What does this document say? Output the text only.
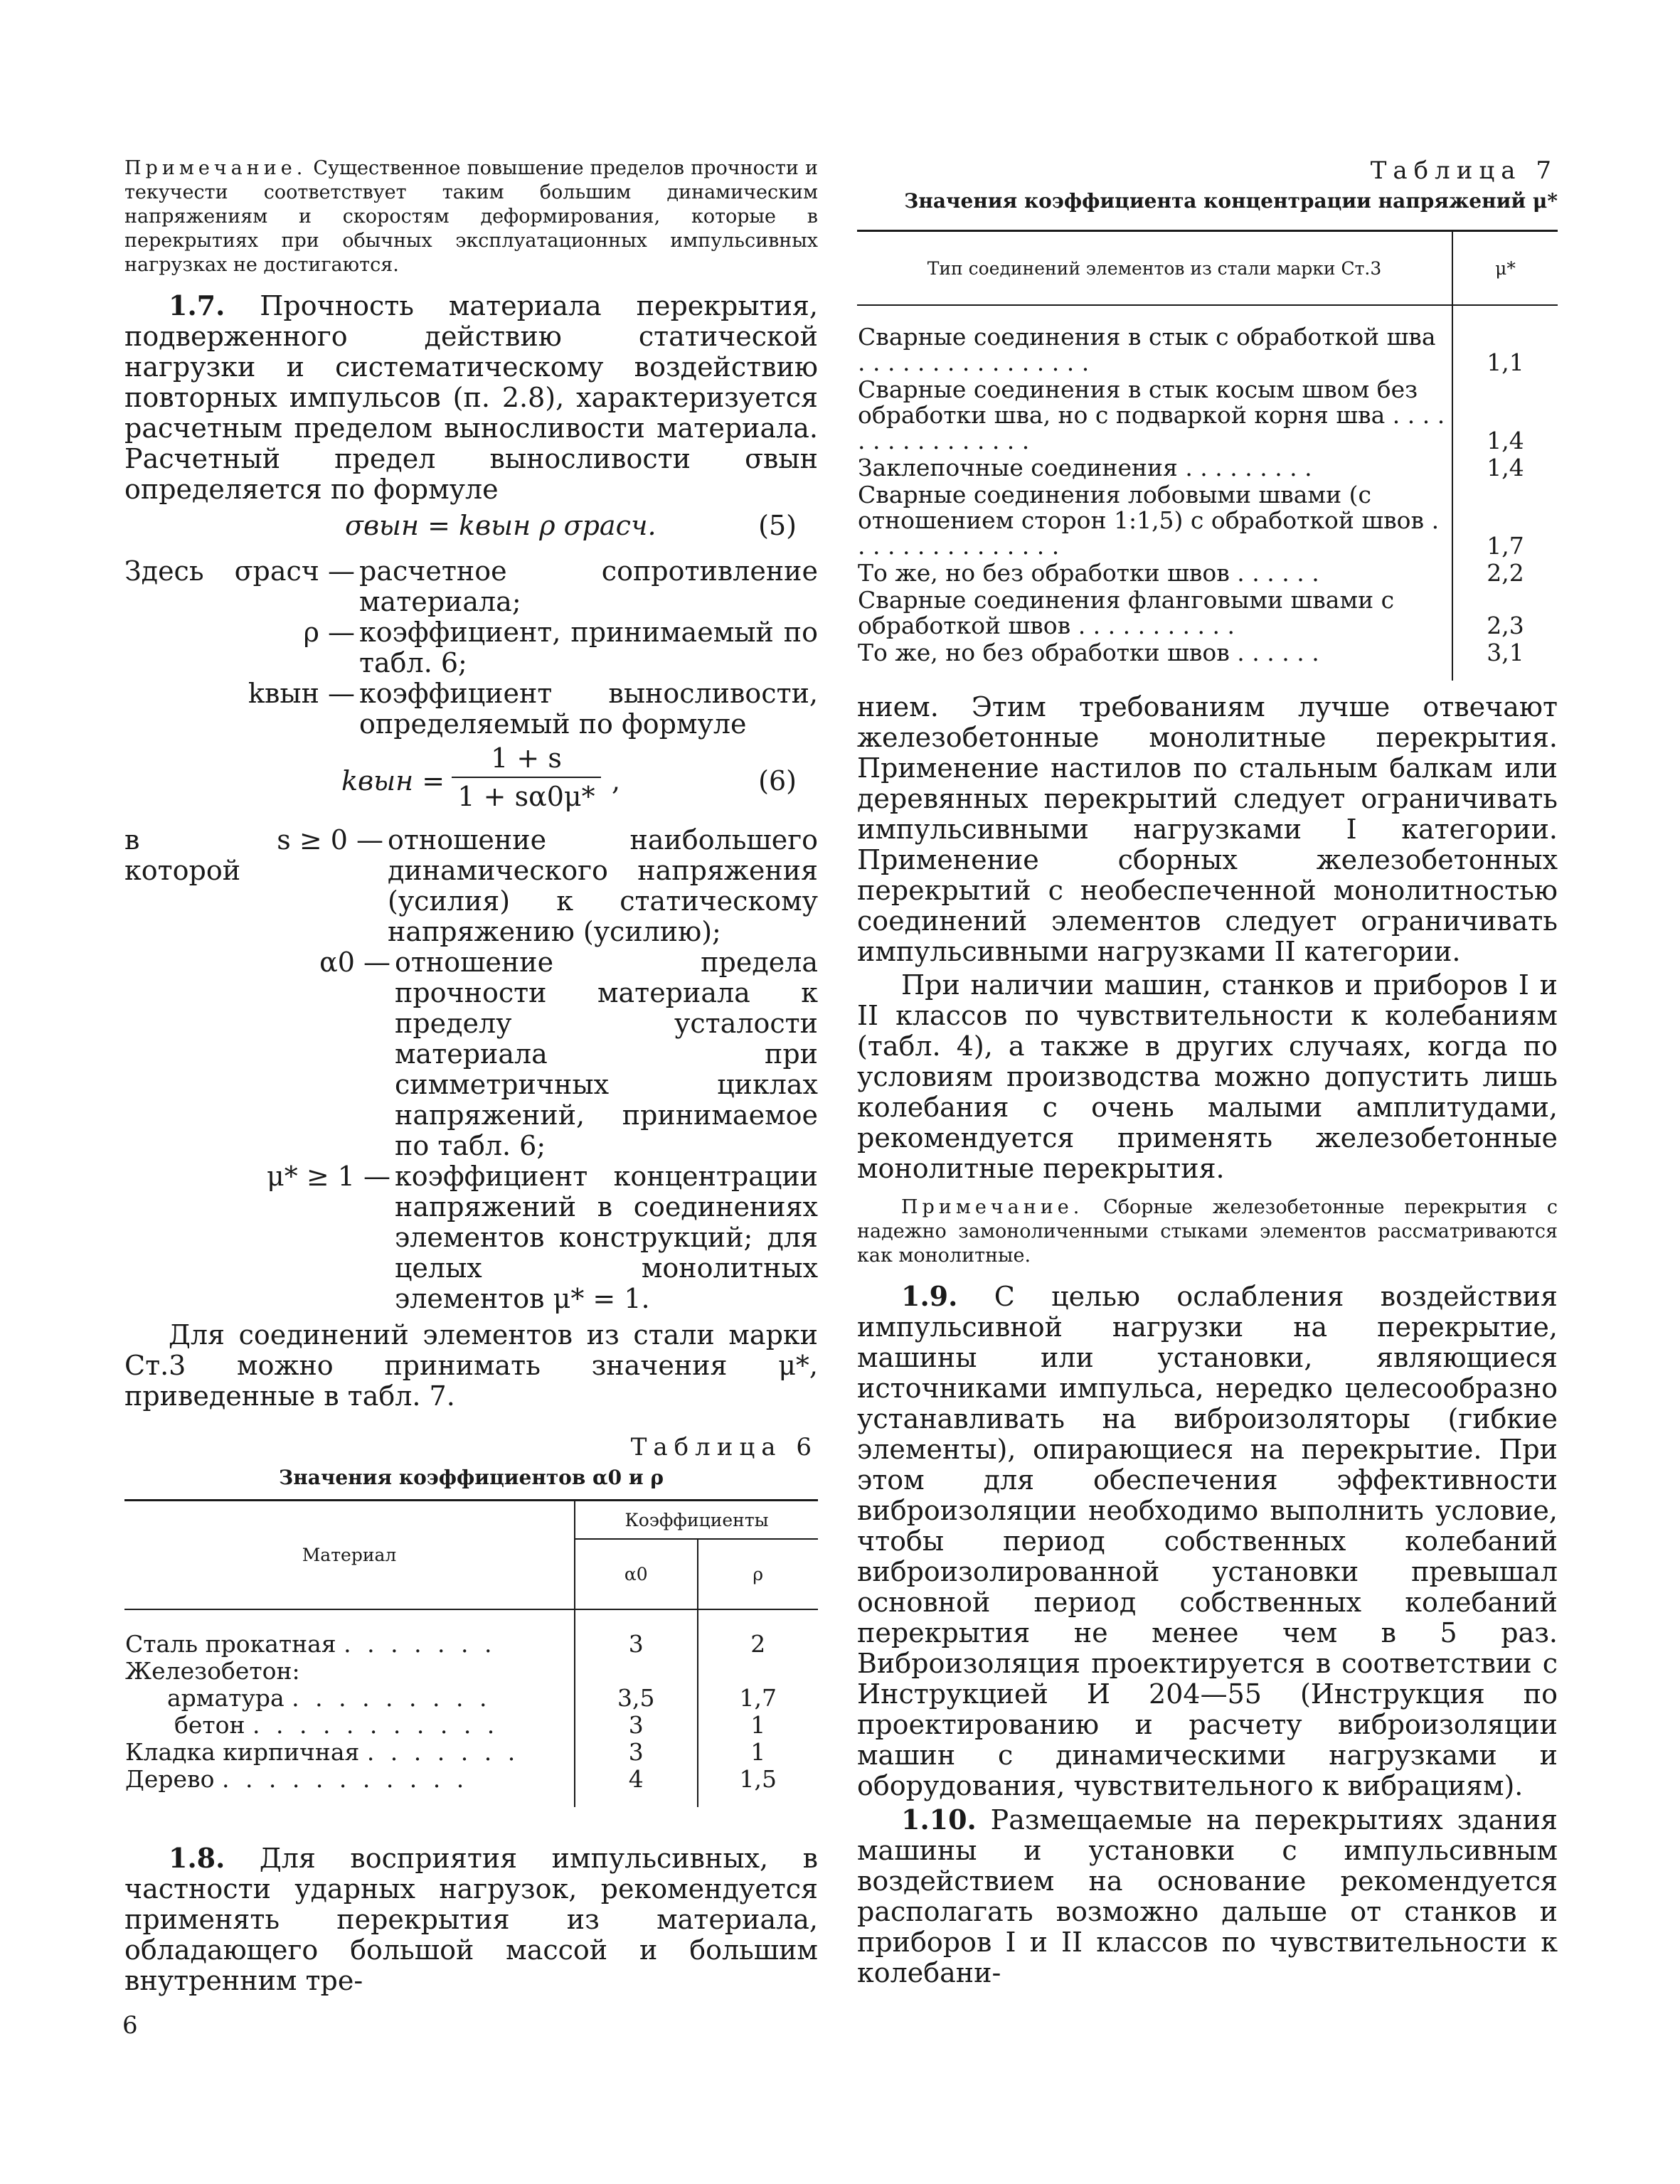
Примечание. Существенное повышение пределов прочности и текучести соответствует таким большим динамическим напряжениям и скоростям деформирования, которые в перекрытиях при обычных эксплуатационных импульсивных нагрузках не достигаются.

1.7. Прочность материала перекрытия, подверженного действию статической нагрузки и систематическому воздействию повторных импульсов (п. 2.8), характеризуется расчетным пределом выносливости материала. Расчетный предел выносливости σвын определяется по формуле

σвын = kвын ρ σрасч.	(5)
Здесь	σрасч — расчетное сопротивление материала;
ρ — коэффициент, принимаемый по табл. 6;
kвын — коэффициент выносливости, определяемый по формуле
kвын = $\frac{1 + s}{1 + s\alpha 0\mu*}$ ,	(6)
в которой
s ≥ 0 — отношение наибольшего динамического напряжения (усилия) к статическому напряжению (усилию);
α0 — отношение предела прочности материала к пределу усталости материала при симметричных циклах напряжений, принимаемое по табл. 6;
μ* ≥ 1 — коэффициент концентрации напряжений в соединениях элементов конструкций; для целых монолитных элементов μ* = 1.

Для соединений элементов из стали марки Ст.3 можно принимать значения μ*, приведенные в табл. 7.

Таблица 6

Значения коэффициентов α0 и ρ

Материал	Коэффициенты	
	α0	ρ

Сталь прокатная . . . . . . .	3	2
Железобетон:		
арматура . . . . . . . . .	3,5	1,7
бетон . . . . . . . . . . .	3	1
Кладка кирпичная . . . . . . .	3	1
Дерево . . . . . . . . . . .	4	1,5

1.8. Для восприятия импульсивных, в частности ударных нагрузок, рекомендуется применять перекрытия из материала, обладающего большой массой и большим внутренним тре-

Таблица 7

Значения коэффициента концентрации напряжений μ*

Тип соединений элементов из стали марки Ст.3	μ*

Сварные соединения в стык с обработкой шва . . . . . . . . . . . . . . . .	1,1
Сварные соединения в стык косым швом без обработки шва, но с подваркой корня шва . . . . . . . . . . . . . . . .	1,4
Заклепочные соединения . . . . . . . . .	1,4
Сварные соединения лобовыми швами (с отношением сторон 1:1,5) с обработкой швов . . . . . . . . . . . . . . .	1,7
То же, но без обработки швов . . . . . .	2,2
Сварные соединения фланговыми швами с обработкой швов . . . . . . . . . . .	2,3
То же, но без обработки швов . . . . . .	3,1

нием. Этим требованиям лучше отвечают железобетонные монолитные перекрытия. Применение настилов по стальным балкам или деревянных перекрытий следует ограничивать импульсивными нагрузками I категории. Применение сборных железобетонных перекрытий с необеспеченной монолитностью соединений элементов следует ограничивать импульсивными нагрузками II категории.

При наличии машин, станков и приборов I и II классов по чувствительности к колебаниям (табл. 4), а также в других случаях, когда по условиям производства можно допустить лишь колебания с очень малыми амплитудами, рекомендуется применять железобетонные монолитные перекрытия.

Примечание. Сборные железобетонные перекрытия с надежно замоноличенными стыками элементов рассматриваются как монолитные.

1.9. С целью ослабления воздействия импульсивной нагрузки на перекрытие, машины или установки, являющиеся источниками импульса, нередко целесообразно устанавливать на виброизоляторы (гибкие элементы), опирающиеся на перекрытие. При этом для обеспечения эффективности виброизоляции необходимо выполнить условие, чтобы период собственных колебаний виброизолированной установки превышал основной период собственных колебаний перекрытия не менее чем в 5 раз. Виброизоляция проектируется в соответствии с Инструкцией И 204—55 (Инструкция по проектированию и расчету виброизоляции машин с динамическими нагрузками и оборудования, чувствительного к вибрациям).

1.10. Размещаемые на перекрытиях здания машины и установки с импульсивным воздействием на основание рекомендуется располагать возможно дальше от станков и приборов I и II классов по чувствительности к колебани-

6
